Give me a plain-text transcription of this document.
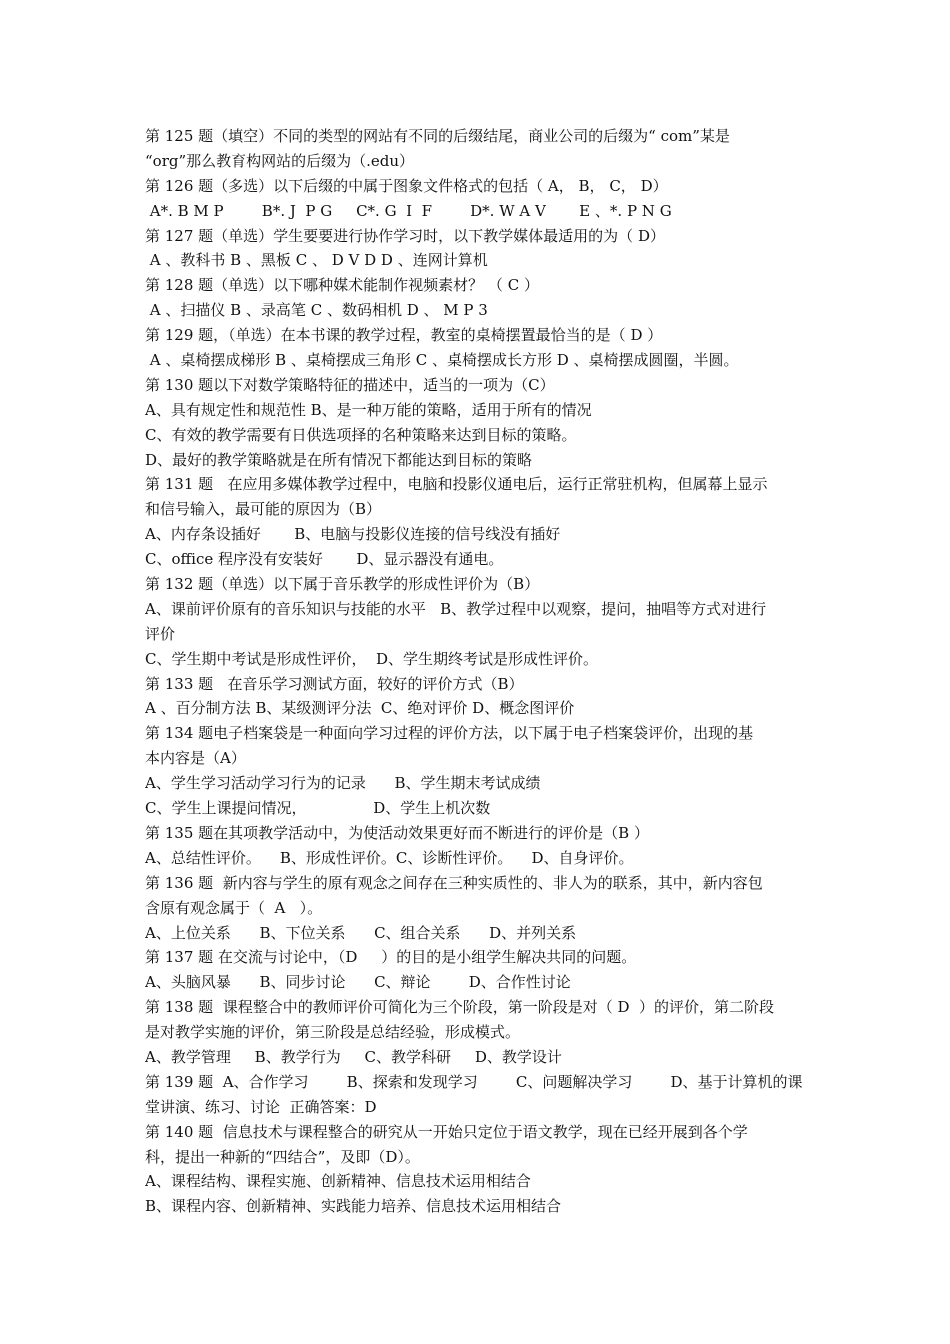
第 125 题（填空）不同的类型的网站有不同的后缀结尾，商业公司的后缀为“ com”某是
“org”那么教育构网站的后缀为（.edu）
第 126 题（多选）以下后缀的中属于图象文件格式的包括（ A， B， C， D）
A*. B M P        B*. J  P G     C*. G  I  F        D*. W A V       E 、*. P N G
第 127 题（单选）学生要要进行协作学习时，以下教学媒体最适用的为（ D）
A 、教科书 B 、黑板 C 、 D V D D 、连网计算机
第 128 题（单选）以下哪种媒术能制作视频素材？ （ C ）
A 、扫描仪 B 、录高笔 C 、数码相机 D 、 M P 3
第 129 题，（单选）在本书课的教学过程，教室的桌椅摆置最恰当的是（ D ）
A 、桌椅摆成梯形 B 、桌椅摆成三角形 C 、桌椅摆成长方形 D 、桌椅摆成圆圈，半圆。
第 130 题以下对数学策略特征的描述中，适当的一项为（C）
A、具有规定性和规范性 B、是一种万能的策略，适用于所有的情况
C、有效的教学需要有日供选项择的名种策略来达到目标的策略。
D、最好的教学策略就是在所有情况下都能达到目标的策略
第 131 题   在应用多媒体教学过程中，电脑和投影仪通电后，运行正常驻机构，但属幕上显示
和信号输入，最可能的原因为（B）
A、内存条设插好       B、电脑与投影仪连接的信号线没有插好
C、office 程序没有安装好       D、显示器没有通电。
第 132 题（单选）以下属于音乐教学的形成性评价为（B）
A、课前评价原有的音乐知识与技能的水平   B、教学过程中以观察，提问，抽唱等方式对进行
评价
C、学生期中考试是形成性评价，  D、学生期终考试是形成性评价。
第 133 题   在音乐学习测试方面，较好的评价方式（B）
A 、百分制方法 B、某级测评分法  C、绝对评价 D、概念图评价
第 134 题电子档案袋是一种面向学习过程的评价方法，以下属于电子档案袋评价，出现的基
本内容是（A）
A、学生学习活动学习行为的记录      B、学生期末考试成绩
C、学生上课提问情况，              D、学生上机次数
第 135 题在其项教学活动中，为使活动效果更好而不断进行的评价是（B ）
A、总结性评价。    B、形成性评价。C、诊断性评价。    D、自身评价。
第 136 题  新内容与学生的原有观念之间存在三种实质性的、非人为的联系，其中，新内容包
含原有观念属于（  A   ）。
A、上位关系      B、下位关系      C、组合关系      D、并列关系
第 137 题 在交流与讨论中，（D     ）的目的是小组学生解决共同的问题。
A、头脑风暴      B、同步讨论      C、辩论        D、合作性讨论
第 138 题  课程整合中的教师评价可简化为三个阶段，第一阶段是对（ D  ）的评价，第二阶段
是对教学实施的评价，第三阶段是总结经验，形成模式。
A、教学管理     B、教学行为     C、教学科研     D、教学设计
第 139 题  A、合作学习        B、探索和发现学习        C、问题解决学习        D、基于计算机的课
堂讲演、练习、讨论  正确答案：D
第 140 题  信息技术与课程整合的研究从一开始只定位于语文教学，现在已经开展到各个学
科，提出一种新的“四结合”，及即（D）。
A、课程结构、课程实施、创新精神、信息技术运用相结合
B、课程内容、创新精神、实践能力培养、信息技术运用相结合
